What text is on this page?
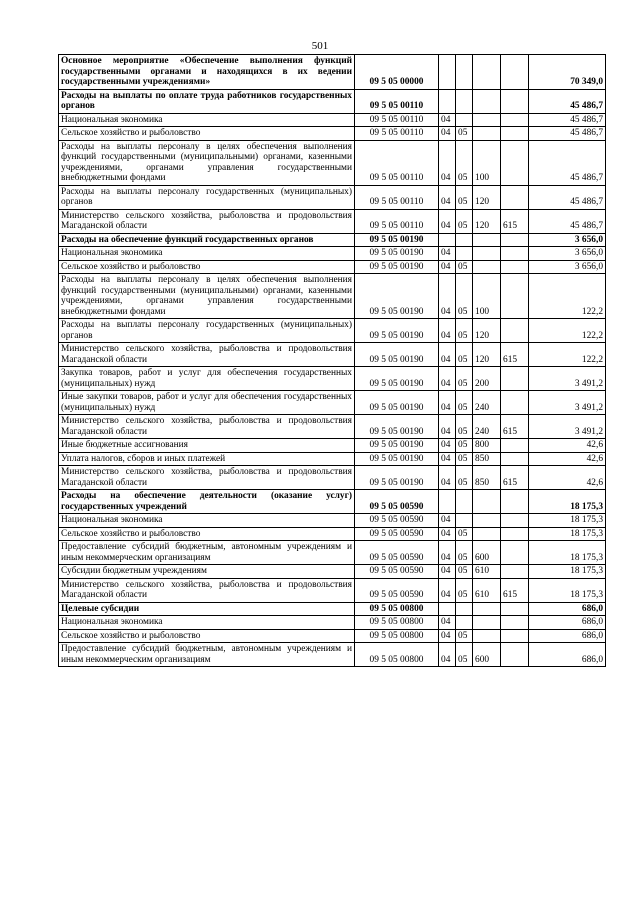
501
Основное мероприятие «Обеспечение выполнения функций государственными органами и находящихся в их ведении государственными учреждениями»	09 5 05 00000					70 349,0
Расходы на выплаты по оплате труда работников государственных органов	09 5 05 00110					45 486,7
Национальная экономика	09 5 05 00110	04				45 486,7
Сельское хозяйство и рыболовство	09 5 05 00110	04	05			45 486,7
Расходы на выплаты персоналу в целях обеспечения выполнения функций государственными (муниципальными) органами, казенными учреждениями, органами управления государственными внебюджетными фондами	09 5 05 00110	04	05	100		45 486,7
Расходы на выплаты персоналу государственных (муниципальных) органов	09 5 05 00110	04	05	120		45 486,7
Министерство сельского хозяйства, рыболовства и продовольствия Магаданской области	09 5 05 00110	04	05	120	615	45 486,7
Расходы на обеспечение функций государственных органов	09 5 05 00190					3 656,0
Национальная экономика	09 5 05 00190	04				3 656,0
Сельское хозяйство и рыболовство	09 5 05 00190	04	05			3 656,0
Расходы на выплаты персоналу в целях обеспечения выполнения функций государственными (муниципальными) органами, казенными учреждениями, органами управления государственными внебюджетными фондами	09 5 05 00190	04	05	100		122,2
Расходы на выплаты персоналу государственных (муниципальных) органов	09 5 05 00190	04	05	120		122,2
Министерство сельского хозяйства, рыболовства и продовольствия Магаданской области	09 5 05 00190	04	05	120	615	122,2
Закупка товаров, работ и услуг для обеспечения государственных (муниципальных) нужд	09 5 05 00190	04	05	200		3 491,2
Иные закупки товаров, работ и услуг для обеспечения государственных (муниципальных) нужд	09 5 05 00190	04	05	240		3 491,2
Министерство сельского хозяйства, рыболовства и продовольствия Магаданской области	09 5 05 00190	04	05	240	615	3 491,2
Иные бюджетные ассигнования	09 5 05 00190	04	05	800		42,6
Уплата налогов, сборов и иных платежей	09 5 05 00190	04	05	850		42,6
Министерство сельского хозяйства, рыболовства и продовольствия Магаданской области	09 5 05 00190	04	05	850	615	42,6
Расходы на обеспечение деятельности (оказание услуг) государственных учреждений	09 5 05 00590					18 175,3
Национальная экономика	09 5 05 00590	04				18 175,3
Сельское хозяйство и рыболовство	09 5 05 00590	04	05			18 175,3
Предоставление субсидий бюджетным, автономным учреждениям и иным некоммерческим организациям	09 5 05 00590	04	05	600		18 175,3
Субсидии бюджетным учреждениям	09 5 05 00590	04	05	610		18 175,3
Министерство сельского хозяйства, рыболовства и продовольствия Магаданской области	09 5 05 00590	04	05	610	615	18 175,3
Целевые субсидии	09 5 05 00800					686,0
Национальная экономика	09 5 05 00800	04				686,0
Сельское хозяйство и рыболовство	09 5 05 00800	04	05			686,0
Предоставление субсидий бюджетным, автономным учреждениям и иным некоммерческим организациям	09 5 05 00800	04	05	600		686,0
